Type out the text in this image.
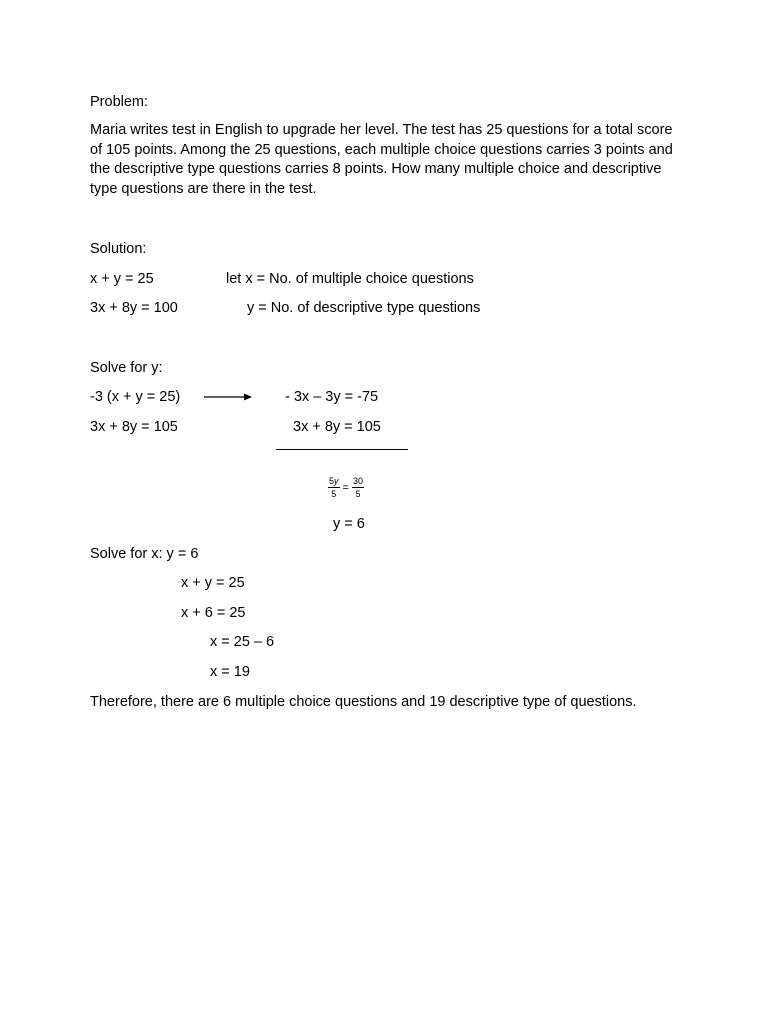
Problem:
Maria writes test in English to upgrade her level. The test has 25 questions for a total score of 105 points. Among the 25 questions, each multiple choice questions carries 3 points and the descriptive type questions carries 8 points. How many multiple choice and descriptive type questions are there in the test.
Solution:
x + y = 25	let x = No. of multiple choice questions
3x + 8y = 100	y = No. of descriptive type questions
Solve for y:
-3 (x + y = 25)	- 3x – 3y = -75
3x + 8y = 105	3x + 8y = 105
$\frac{5y}{5} = \frac{30}{5}$
y = 6
Solve for x: y = 6
x + y = 25
x + 6 = 25
x = 25 – 6
x = 19
Therefore, there are 6 multiple choice questions and 19 descriptive type of questions.
